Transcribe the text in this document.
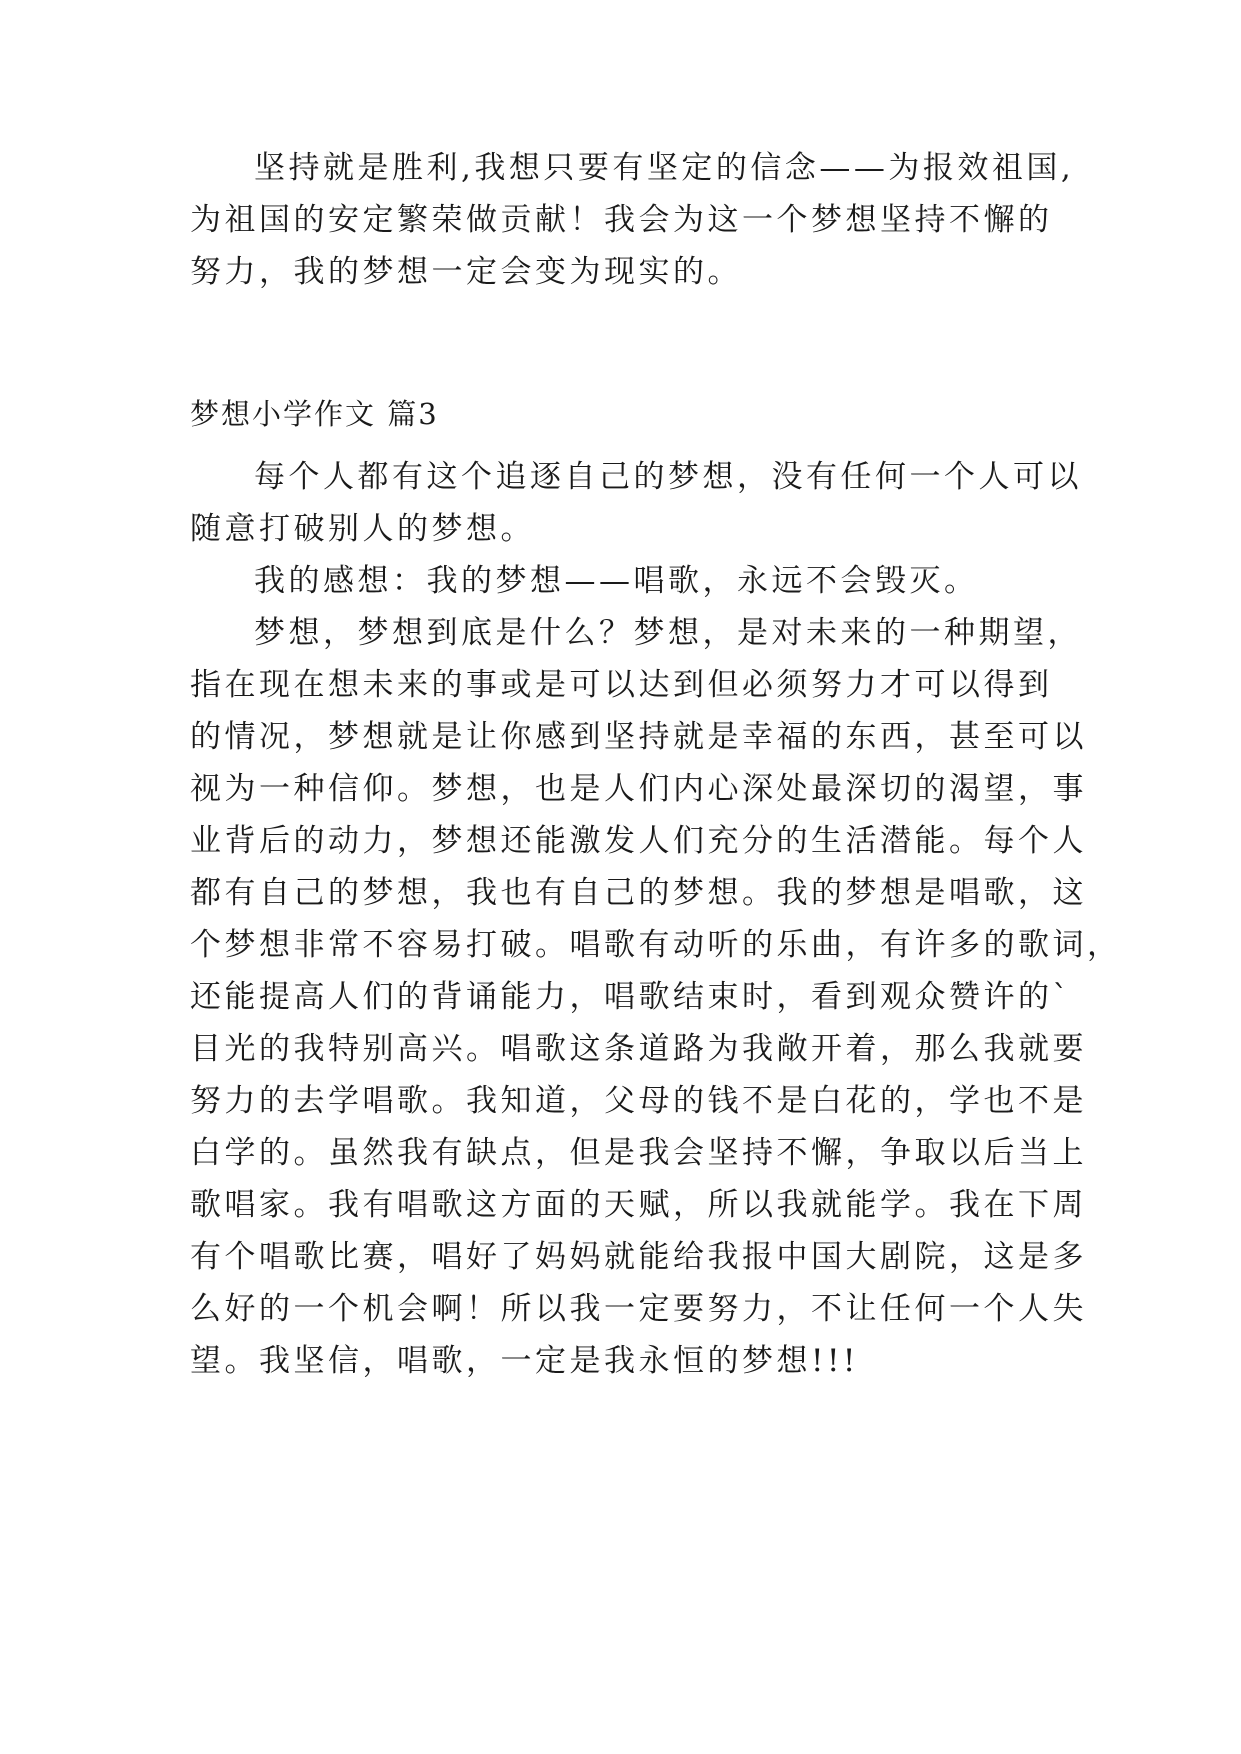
坚持就是胜利,我想只要有坚定的信念——为报效祖国,
为祖国的安定繁荣做贡献！我会为这一个梦想坚持不懈的
努力，我的梦想一定会变为现实的。
梦想小学作文 篇3
每个人都有这个追逐自己的梦想，没有任何一个人可以
随意打破别人的梦想。
我的感想：我的梦想——唱歌，永远不会毁灭。
梦想，梦想到底是什么？梦想，是对未来的一种期望，
指在现在想未来的事或是可以达到但必须努力才可以得到
的情况，梦想就是让你感到坚持就是幸福的东西，甚至可以
视为一种信仰。梦想，也是人们内心深处最深切的渴望，事
业背后的动力，梦想还能激发人们充分的生活潜能。每个人
都有自己的梦想，我也有自己的梦想。我的梦想是唱歌，这
个梦想非常不容易打破。唱歌有动听的乐曲，有许多的歌词，
还能提高人们的背诵能力，唱歌结束时，看到观众赞许的`
目光的我特别高兴。唱歌这条道路为我敞开着，那么我就要
努力的去学唱歌。我知道，父母的钱不是白花的，学也不是
白学的。虽然我有缺点，但是我会坚持不懈，争取以后当上
歌唱家。我有唱歌这方面的天赋，所以我就能学。我在下周
有个唱歌比赛，唱好了妈妈就能给我报中国大剧院，这是多
么好的一个机会啊！所以我一定要努力，不让任何一个人失
望。我坚信，唱歌，一定是我永恒的梦想!!!
